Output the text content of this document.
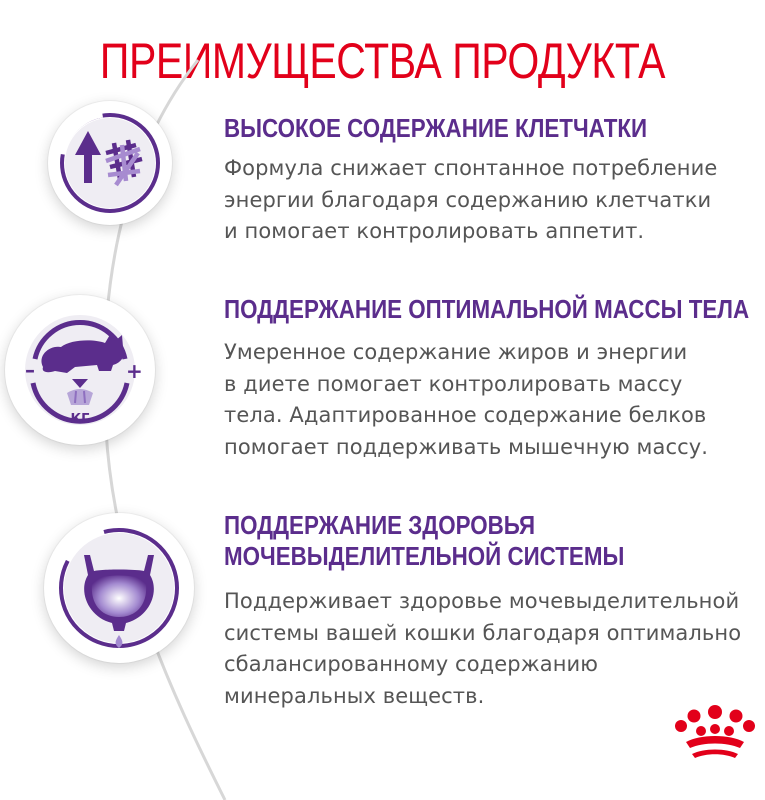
ПРЕИМУЩЕСТВА ПРОДУКТА
–	+
КГ
ВЫСОКОЕ СОДЕРЖАНИЕ КЛЕТЧАТКИ

Формула снижает спонтанное потребление
энергии благодаря содержанию клетчатки
и помогает контролировать аппетит.

ПОДДЕРЖАНИЕ ОПТИМАЛЬНОЙ МАССЫ ТЕЛА

Умеренное содержание жиров и энергии
в диете помогает контролировать массу
тела. Адаптированное содержание белков
помогает поддерживать мышечную массу.

ПОДДЕРЖАНИЕ ЗДОРОВЬЯ
МОЧЕВЫДЕЛИТЕЛЬНОЙ СИСТЕМЫ

Поддерживает здоровье мочевыделительной
системы вашей кошки благодаря оптимально
сбалансированному содержанию
минеральных веществ.
